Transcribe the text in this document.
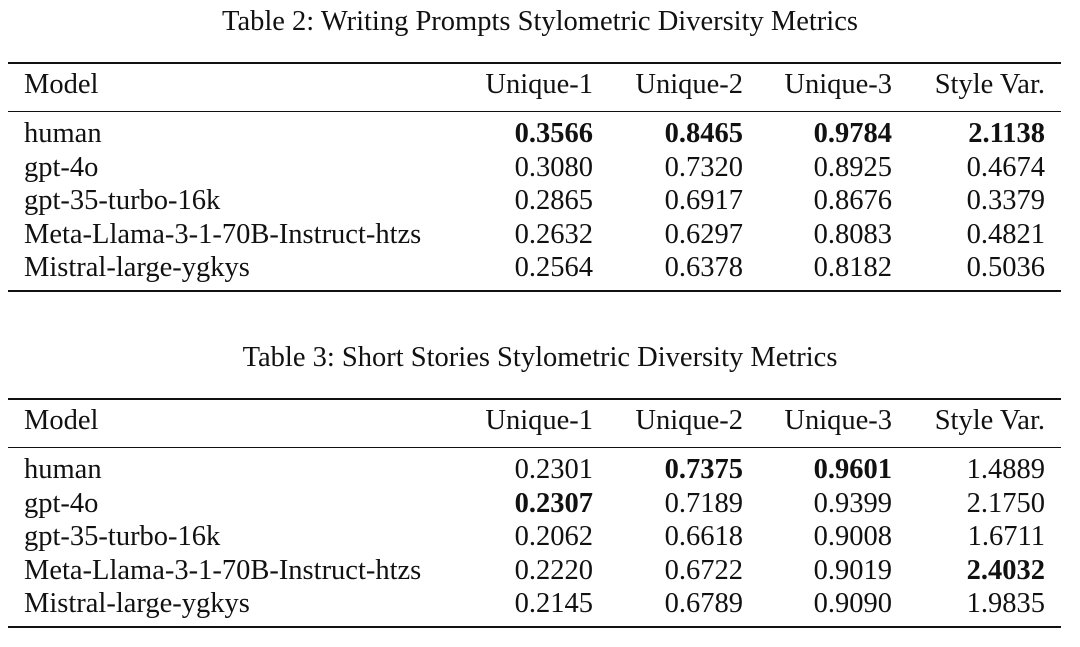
Table 2: Writing Prompts Stylometric Diversity Metrics
Model	Unique-1 Unique-2 Unique-3 Style Var.
human	0.3566	0.8465 0.9784	2.1138
gpt-4o	0.3080	0.7320 0.8925	0.4674
gpt-35-turbo-16k	0.2865	0.6917 0.8676	0.3379
Meta-Llama-3-1-70B-Instruct-htzs	0.2632	0.6297 0.8083	0.4821
Mistral-large-ygkys	0.2564	0.6378 0.8182	0.5036
Table 3: Short Stories Stylometric Diversity Metrics
Model	Unique-1 Unique-2 Unique-3 Style Var.
human	0.2301	0.7375 0.9601	1.4889
gpt-4o	0.2307	0.7189 0.9399	2.1750
gpt-35-turbo-16k	0.2062	0.6618 0.9008	1.6711
Meta-Llama-3-1-70B-Instruct-htzs	0.2220	0.6722 0.9019	2.4032
Mistral-large-ygkys	0.2145	0.6789 0.9090	1.9835
